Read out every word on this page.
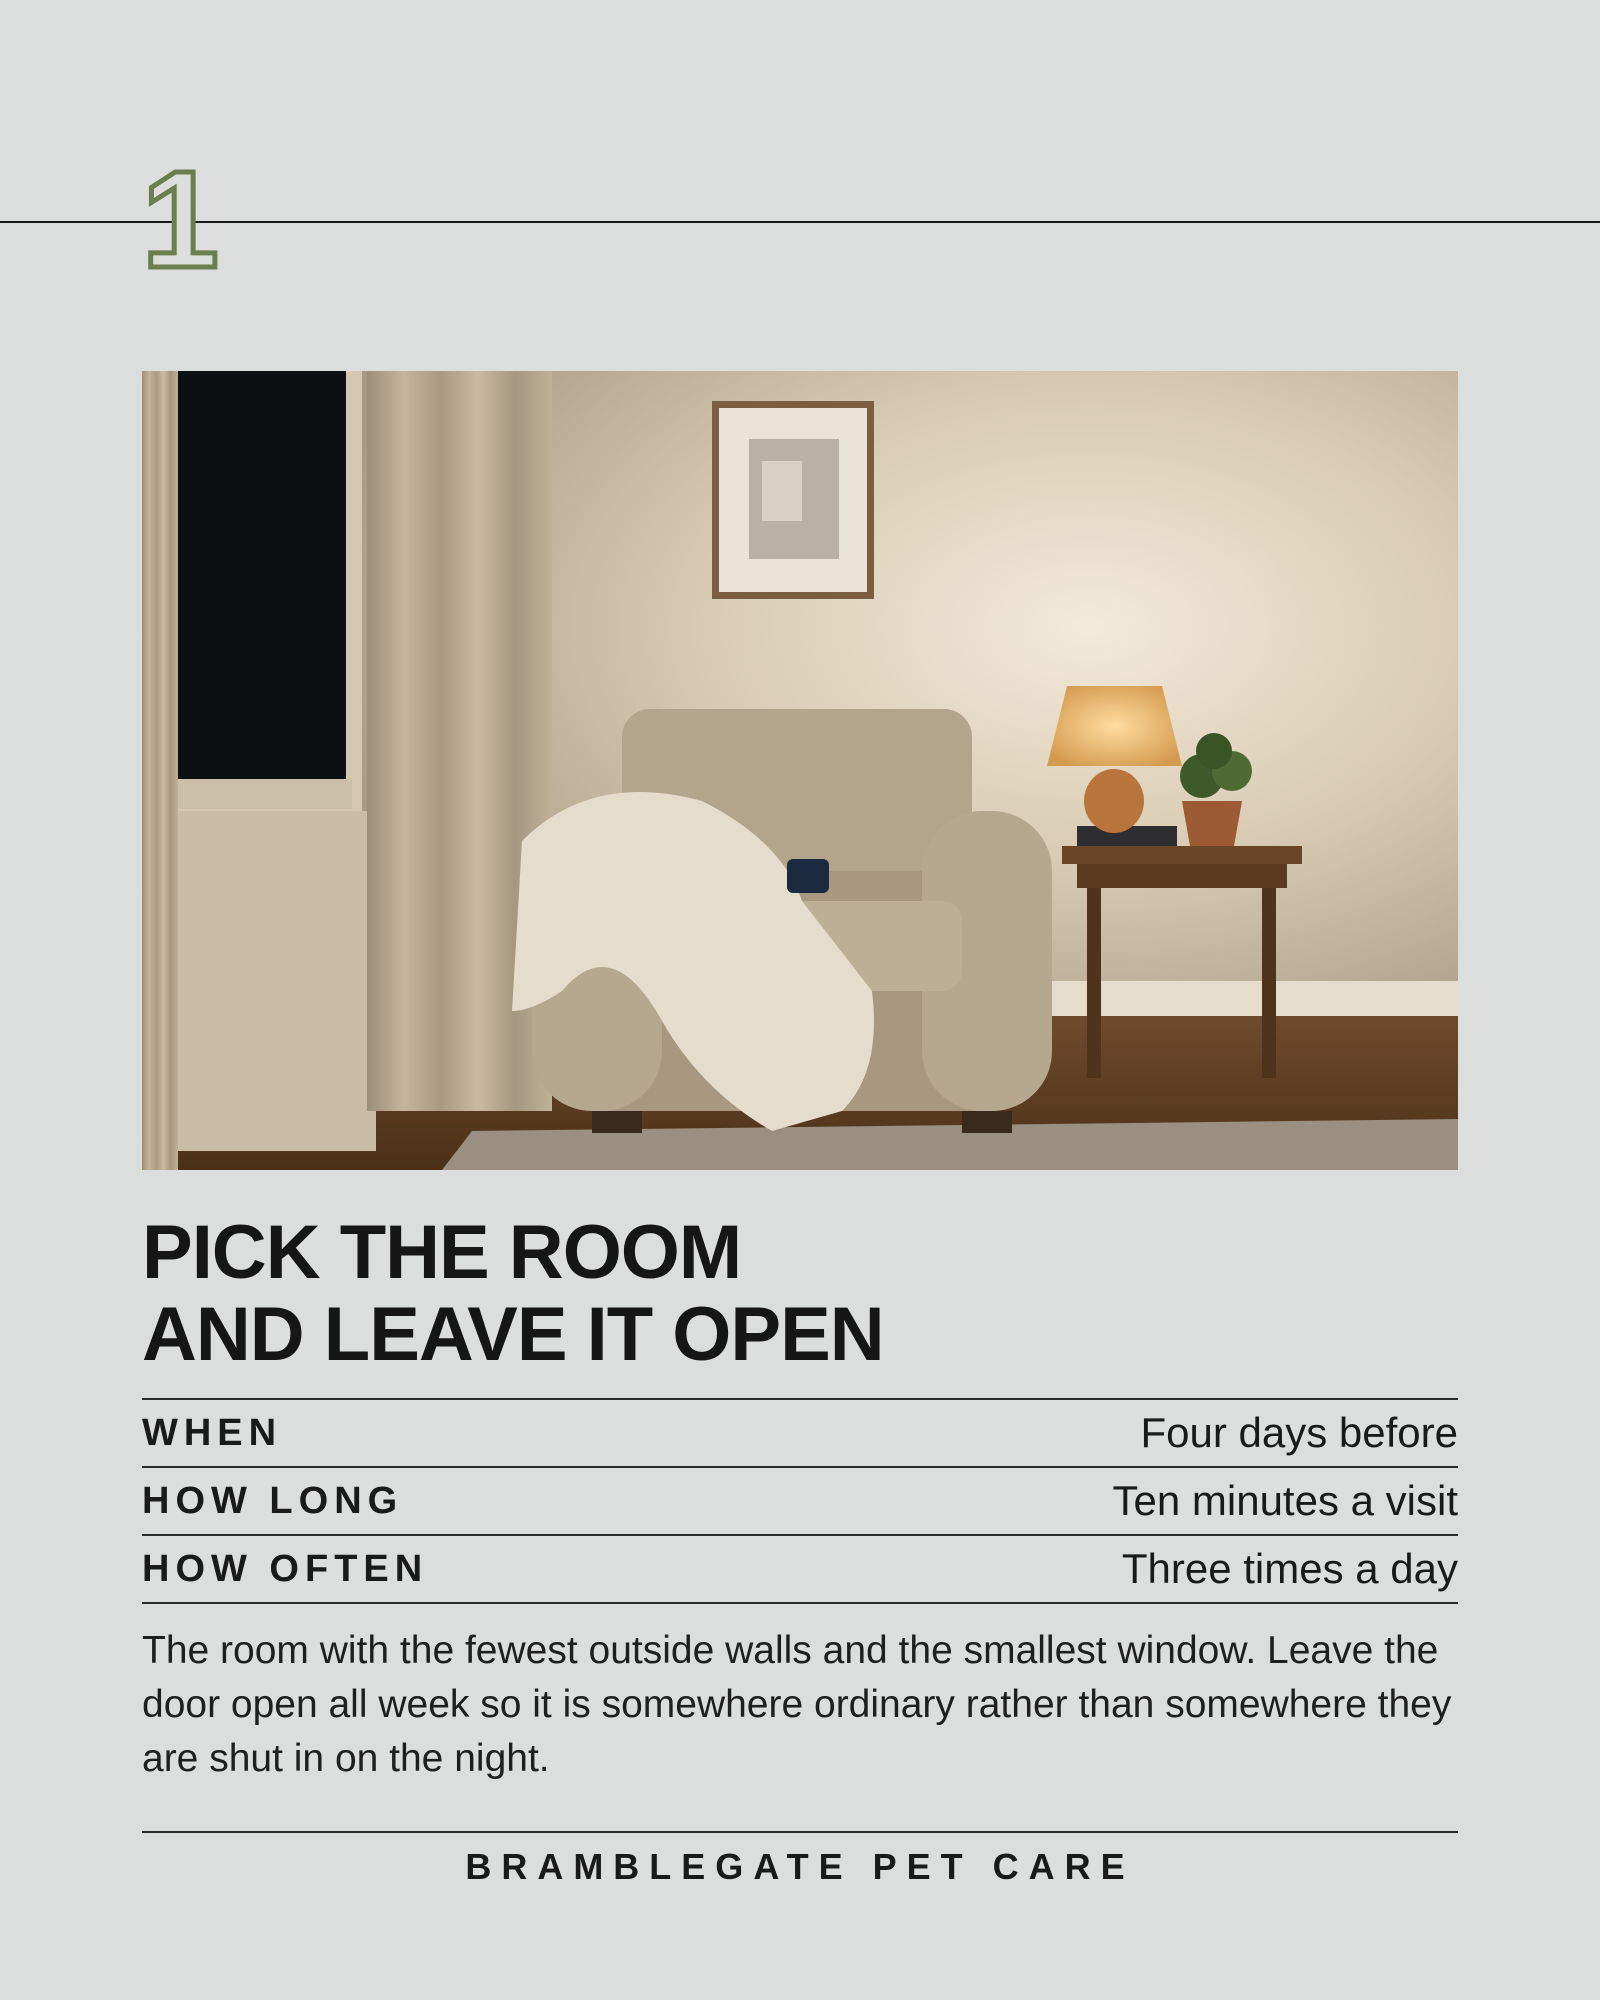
1
PICK THE ROOM
AND LEAVE IT OPEN
WHEN	Four days before
HOW LONG	Ten minutes a visit
HOW OFTEN	Three times a day

The room with the fewest outside walls and the smallest window. Leave the door open all week so it is somewhere ordinary rather than somewhere they are shut in on the night.

BRAMBLEGATE PET CARE
